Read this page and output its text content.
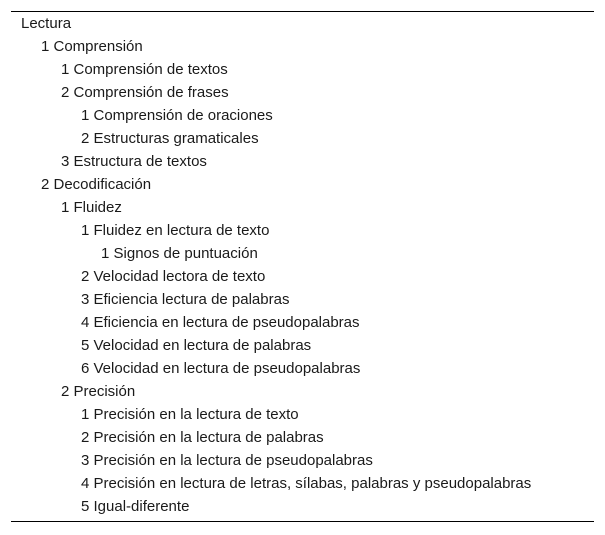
Lectura
1 Comprensión
1 Comprensión de textos
2 Comprensión de frases
1 Comprensión de oraciones
2 Estructuras gramaticales
3 Estructura de textos
2 Decodificación
1 Fluidez
1 Fluidez en lectura de texto
1 Signos de puntuación
2 Velocidad lectora de texto
3 Eficiencia lectura de palabras
4 Eficiencia en lectura de pseudopalabras
5 Velocidad en lectura de palabras
6 Velocidad en lectura de pseudopalabras
2 Precisión
1 Precisión en la lectura de texto
2 Precisión en la lectura de palabras
3 Precisión en la lectura de pseudopalabras
4 Precisión en lectura de letras, sílabas, palabras y pseudopalabras
5 Igual-diferente
